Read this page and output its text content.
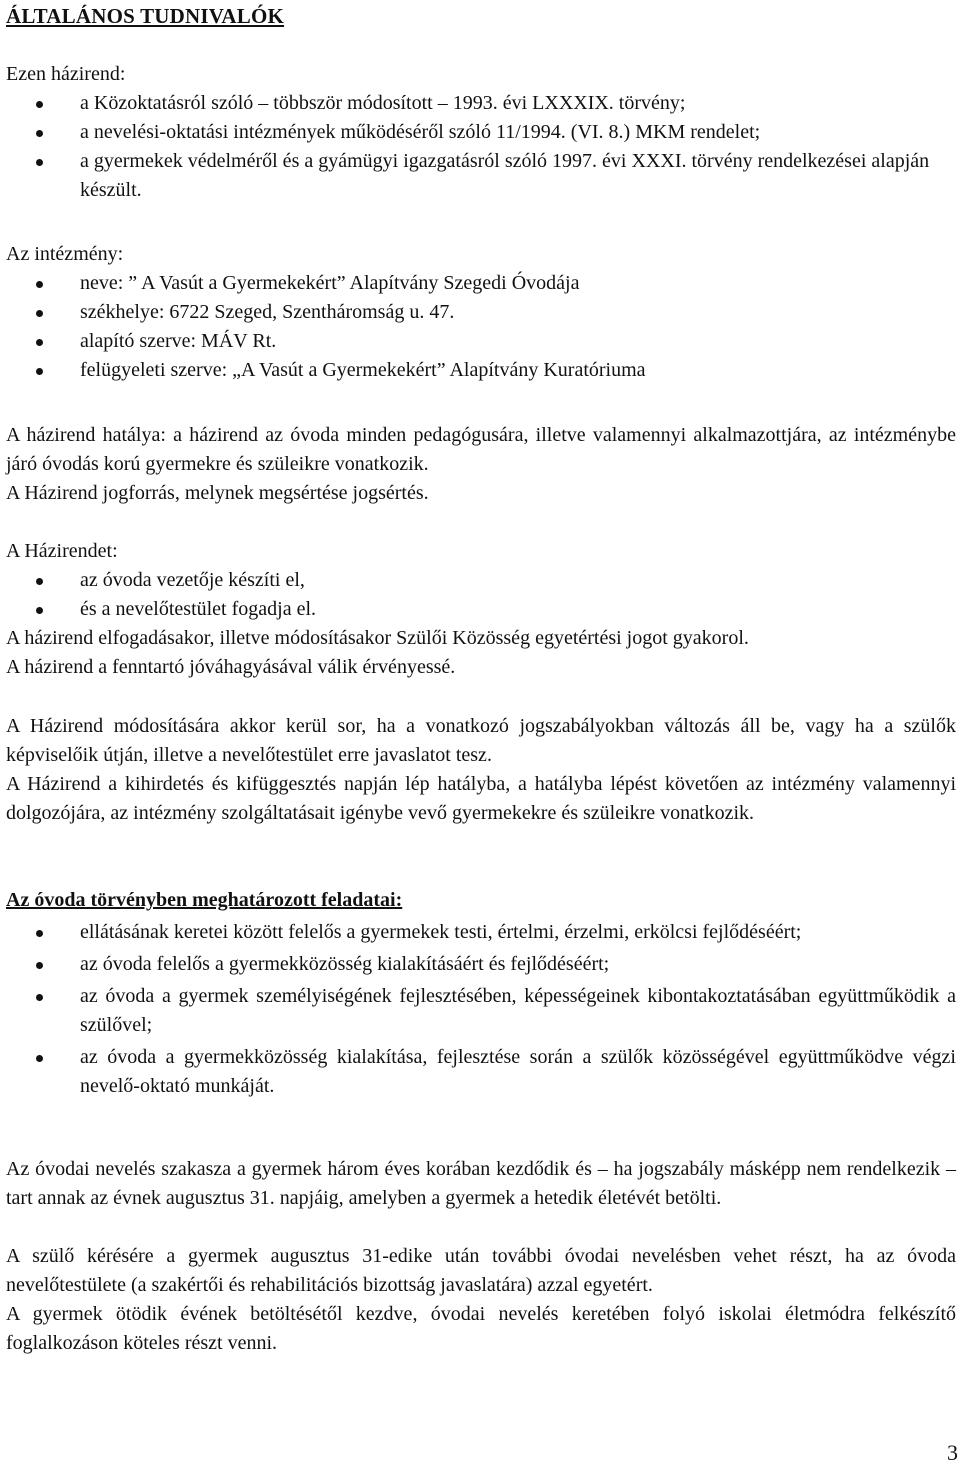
ÁLTALÁNOS TUDNIVALÓK
Ezen házirend:
a Közoktatásról szóló – többször módosított – 1993. évi LXXXIX. törvény;
a nevelési-oktatási intézmények működéséről szóló 11/1994. (VI. 8.) MKM rendelet;
a gyermekek védelméről és a gyámügyi igazgatásról szóló 1997. évi XXXI. törvény rendelkezései alapján készült.
Az intézmény:
neve: ” A Vasút a Gyermekekért” Alapítvány Szegedi Óvodája
székhelye: 6722 Szeged, Szentháromság u. 47.
alapító szerve: MÁV Rt.
felügyeleti szerve: „A Vasút a Gyermekekért” Alapítvány Kuratóriuma
A házirend hatálya: a házirend az óvoda minden pedagógusára, illetve valamennyi alkalmazottjára, az intézménybe járó óvodás korú gyermekre és szüleikre vonatkozik.
A Házirend jogforrás, melynek megsértése jogsértés.
A Házirendet:
az óvoda vezetője készíti el,
és a nevelőtestület fogadja el.
A házirend elfogadásakor, illetve módosításakor Szülői Közösség egyetértési jogot gyakorol.
A házirend a fenntartó jóváhagyásával válik érvényessé.
A Házirend módosítására akkor kerül sor, ha a vonatkozó jogszabályokban változás áll be, vagy ha a szülők képviselőik útján, illetve a nevelőtestület erre javaslatot tesz.
A Házirend a kihirdetés és kifüggesztés napján lép hatályba, a hatályba lépést követően az intézmény valamennyi dolgozójára, az intézmény szolgáltatásait igénybe vevő gyermekekre és szüleikre vonatkozik.
Az óvoda törvényben meghatározott feladatai:
ellátásának keretei között felelős a gyermekek testi, értelmi, érzelmi, erkölcsi fejlődéséért;
az óvoda felelős a gyermekközösség kialakításáért és fejlődéséért;
az óvoda a gyermek személyiségének fejlesztésében, képességeinek kibontakoztatásában együttműködik a szülővel;
az óvoda a gyermekközösség kialakítása, fejlesztése során a szülők közösségével együttműködve végzi nevelő-oktató munkáját.
Az óvodai nevelés szakasza a gyermek három éves korában kezdődik és – ha jogszabály másképp nem rendelkezik – tart annak az évnek augusztus 31. napjáig, amelyben a gyermek a hetedik életévét betölti.
A szülő kérésére a gyermek augusztus 31-edike után további óvodai nevelésben vehet részt, ha az óvoda nevelőtestülete (a szakértői és rehabilitációs bizottság javaslatára) azzal egyetért.
A gyermek ötödik évének betöltésétől kezdve, óvodai nevelés keretében folyó iskolai életmódra felkészítő foglalkozáson köteles részt venni.
3
